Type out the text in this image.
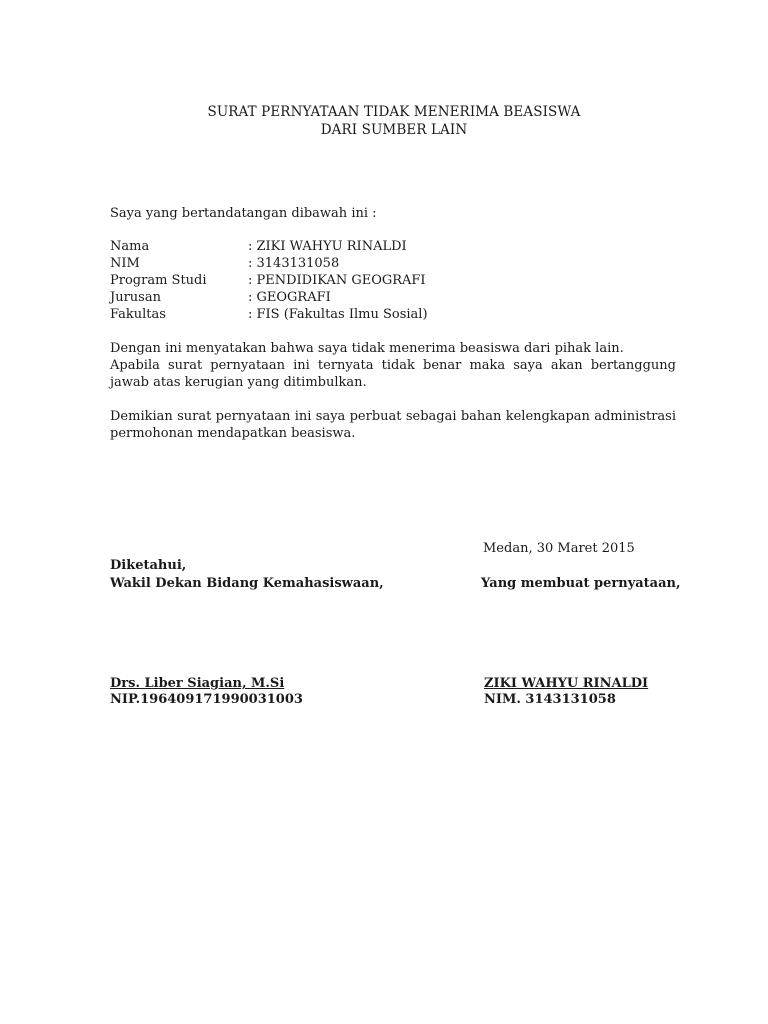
SURAT PERNYATAAN TIDAK MENERIMA BEASISWA
DARI SUMBER LAIN
Saya yang bertandatangan dibawah ini :
Nama	: ZIKI WAHYU RINALDI
NIM	: 3143131058
Program Studi	: PENDIDIKAN GEOGRAFI
Jurusan	: GEOGRAFI
Fakultas	: FIS (Fakultas Ilmu Sosial)
Dengan ini menyatakan bahwa saya tidak menerima beasiswa dari pihak lain.
Apabila surat pernyataan ini ternyata tidak benar maka saya akan bertanggung jawab atas kerugian yang ditimbulkan.
Demikian surat pernyataan ini saya perbuat sebagai bahan kelengkapan administrasi permohonan mendapatkan beasiswa.
Medan, 30 Maret 2015
Diketahui,
Wakil Dekan Bidang Kemahasiswaan,	Yang membuat pernyataan,
Drs. Liber Siagian, M.Si
NIP.196409171990031003
ZIKI WAHYU RINALDI
NIM. 3143131058
